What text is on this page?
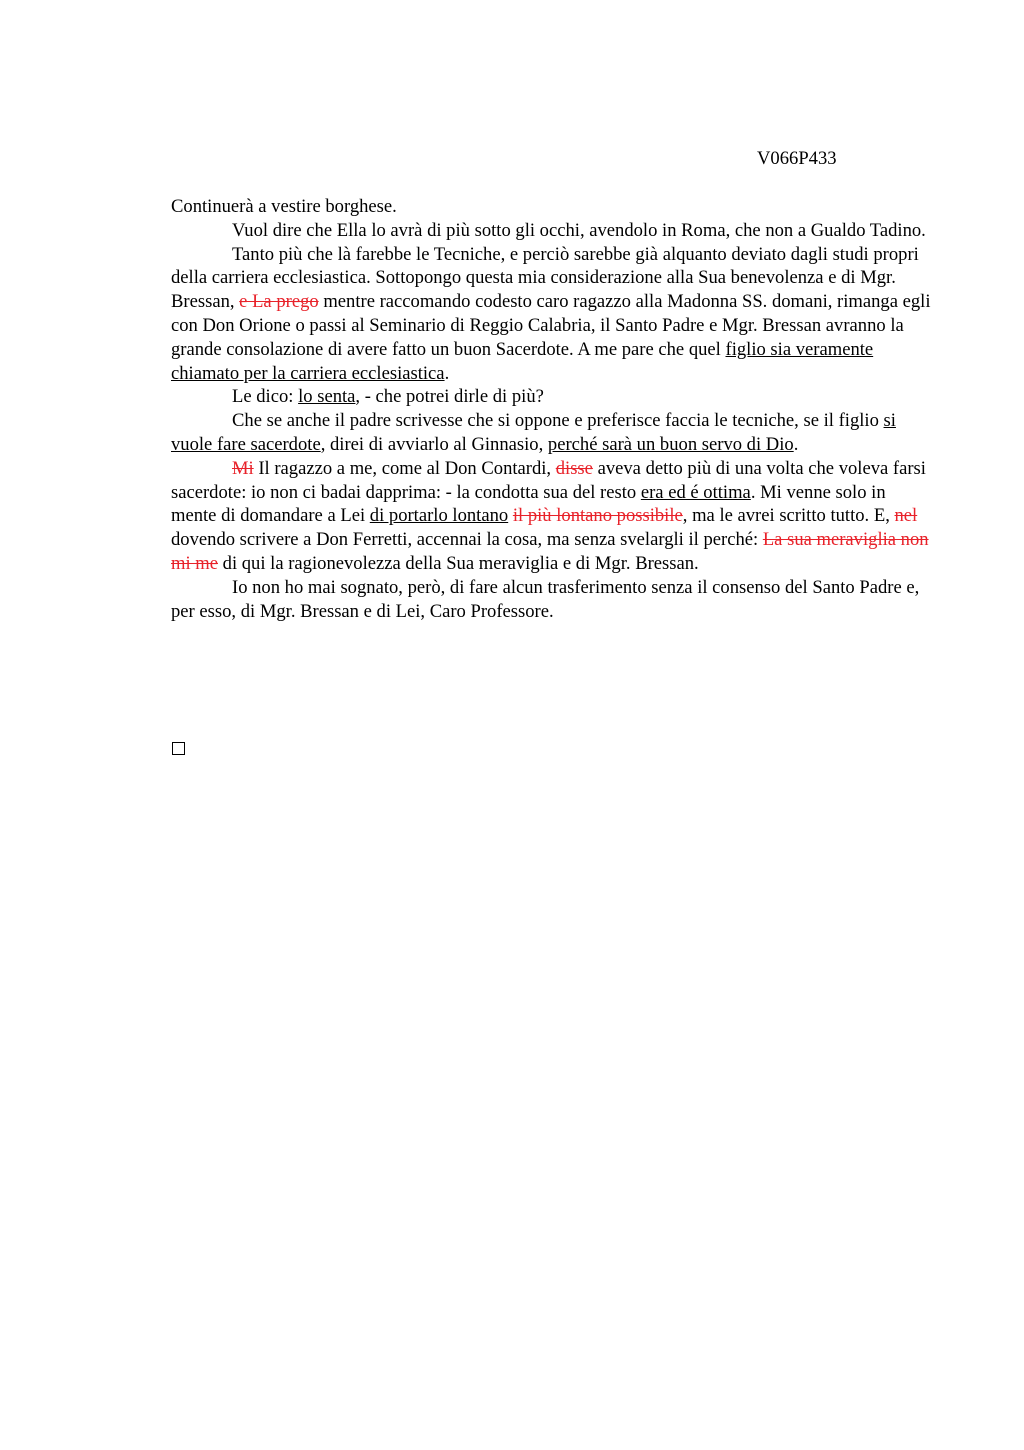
V066P433

Continuerà a vestire borghese.

Vuol dire che Ella lo avrà di più sotto gli occhi, avendolo in Roma, che non a Gualdo Tadino.

Tanto più che là farebbe le Tecniche, e perciò sarebbe già alquanto deviato dagli studi propri della carriera ecclesiastica. Sottopongo questa mia considerazione alla Sua benevolenza e di Mgr. Bressan, e La prego mentre raccomando codesto caro ragazzo alla Madonna SS. domani, rimanga egli con Don Orione o passi al Seminario di Reggio Calabria, il Santo Padre e Mgr. Bressan avranno la grande consolazione di avere fatto un buon Sacerdote. A me pare che quel figlio sia veramente chiamato per la carriera ecclesiastica.

Le dico: lo senta, - che potrei dirle di più?

Che se anche il padre scrivesse che si oppone e preferisce faccia le tecniche, se il figlio si vuole fare sacerdote, direi di avviarlo al Ginnasio, perché sarà un buon servo di Dio.

Mi Il ragazzo a me, come al Don Contardi, disse aveva detto più di una volta che voleva farsi sacerdote: io non ci badai dapprima: - la condotta sua del resto era ed é ottima. Mi venne solo in mente di domandare a Lei di portarlo lontano il più lontano possibile, ma le avrei scritto tutto. E, nel dovendo scrivere a Don Ferretti, accennai la cosa, ma senza svelargli il perché: La sua meraviglia non mi me di qui la ragionevolezza della Sua meraviglia e di Mgr. Bressan.

Io non ho mai sognato, però, di fare alcun trasferimento senza il consenso del Santo Padre e, per esso, di Mgr. Bressan e di Lei, Caro Professore.
